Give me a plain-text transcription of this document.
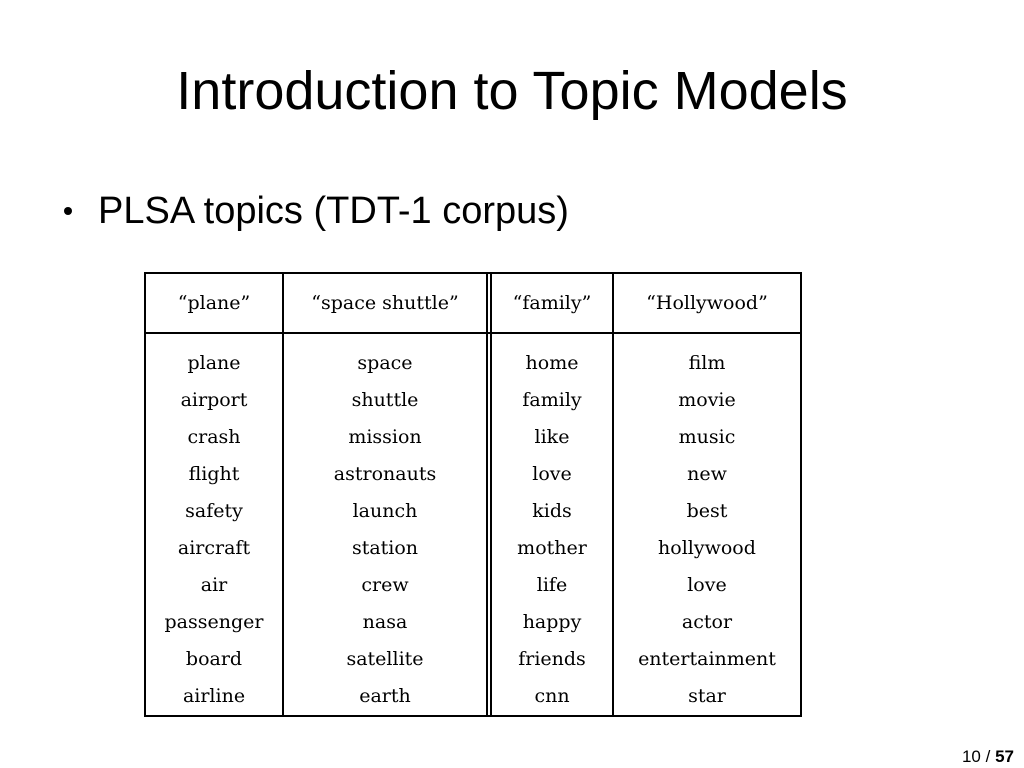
Introduction to Topic Models
PLSA topics (TDT-1 corpus)
“plane”
plane
airport
crash
flight
safety
aircraft
air
passenger
board
airline
“space shuttle”
space
shuttle
mission
astronauts
launch
station
crew
nasa
satellite
earth
“family”
home
family
like
love
kids
mother
life
happy
friends
cnn
“Hollywood”
film
movie
music
new
best
hollywood
love
actor
entertainment
star
10 / 57
